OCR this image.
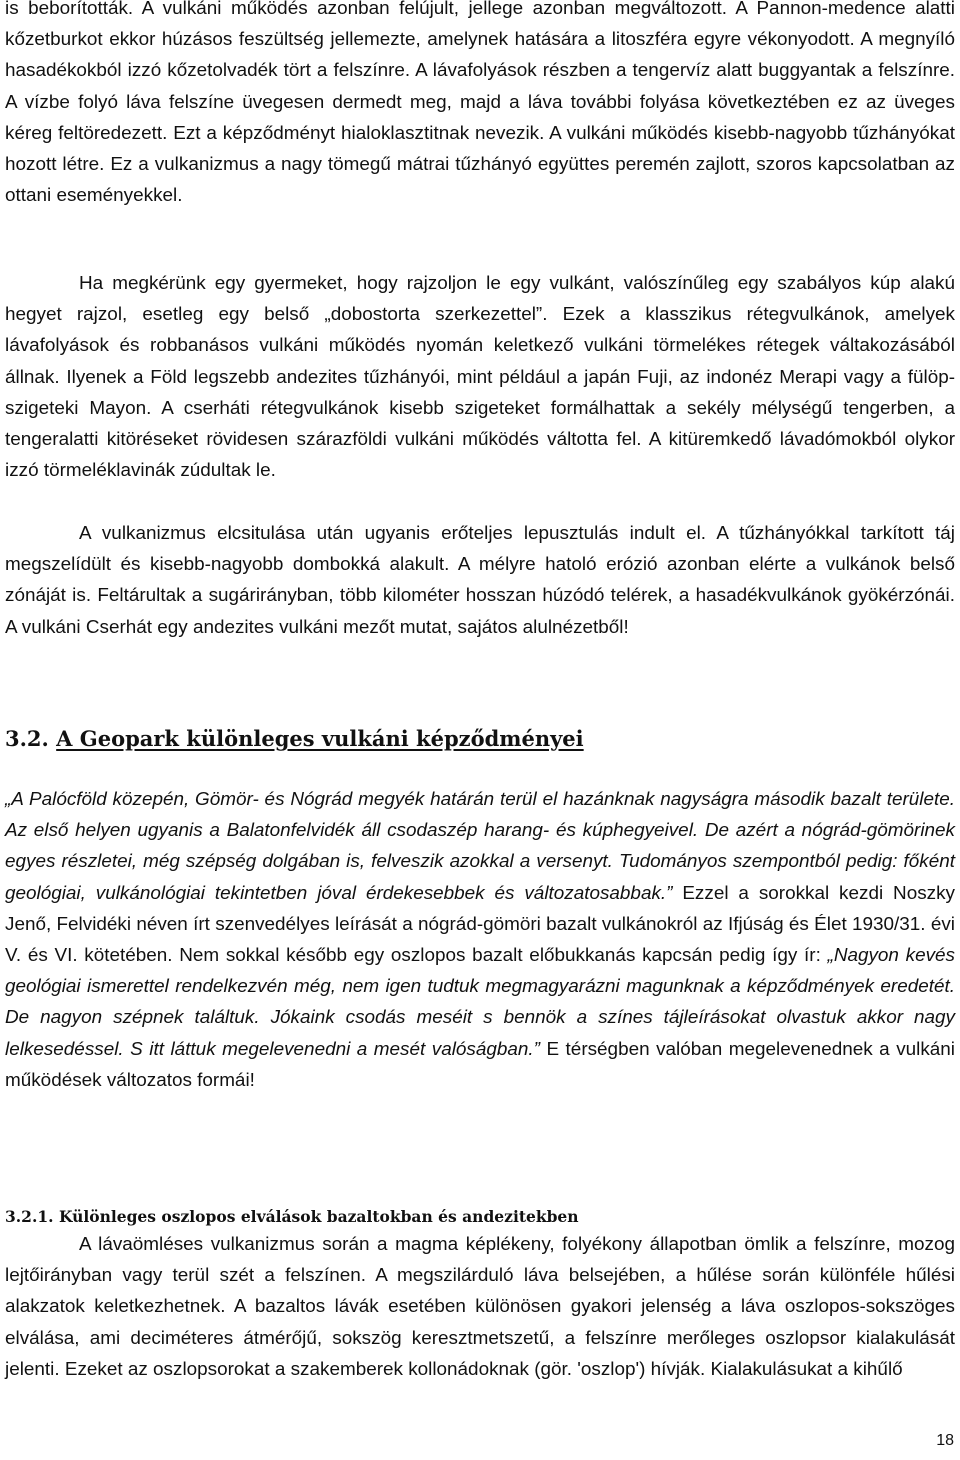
is beborították. A vulkáni működés azonban felújult, jellege azonban megváltozott. A Pannon-medence alatti kőzetburkot ekkor húzásos feszültség jellemezte, amelynek hatására a litoszféra egyre vékonyodott. A megnyíló hasadékokból izzó kőzetolvadék tört a felszínre. A lávafolyások részben a tengervíz alatt buggyantak a felszínre. A vízbe folyó láva felszíne üvegesen dermedt meg, majd a láva további folyása következtében ez az üveges kéreg feltöredezett. Ezt a képződményt hialoklasztitnak nevezik. A vulkáni működés kisebb-nagyobb tűzhányókat hozott létre. Ez a vulkanizmus a nagy tömegű mátrai tűzhányó együttes peremén zajlott, szoros kapcsolatban az ottani eseményekkel.

Ha megkérünk egy gyermeket, hogy rajzoljon le egy vulkánt, valószínűleg egy szabályos kúp alakú hegyet rajzol, esetleg egy belső „dobostorta szerkezettel”. Ezek a klasszikus rétegvulkánok, amelyek lávafolyások és robbanásos vulkáni működés nyomán keletkező vulkáni törmelékes rétegek váltakozásából állnak. Ilyenek a Föld legszebb andezites tűzhányói, mint például a japán Fuji, az indonéz Merapi vagy a fülöp-szigeteki Mayon. A cserháti rétegvulkánok kisebb szigeteket formálhattak a sekély mélységű tengerben, a tengeralatti kitöréseket rövidesen szárazföldi vulkáni működés váltotta fel. A kitüremkedő lávadómokból olykor izzó törmeléklavinák zúdultak le.

A vulkanizmus elcsitulása után ugyanis erőteljes lepusztulás indult el. A tűzhányókkal tarkított táj megszelídült és kisebb-nagyobb dombokká alakult. A mélyre hatoló erózió azonban elérte a vulkánok belső zónáját is. Feltárultak a sugárirányban, több kilométer hosszan húzódó telérek, a hasadékvulkánok gyökérzónái. A vulkáni Cserhát egy andezites vulkáni mezőt mutat, sajátos alulnézetből!

3.2. A Geopark különleges vulkáni képződményei

„A Palócföld közepén, Gömör- és Nógrád megyék határán terül el hazánknak nagyságra második bazalt területe. Az első helyen ugyanis a Balatonfelvidék áll csodaszép harang- és kúphegyeivel. De azért a nógrád-gömörinek egyes részletei, még szépség dolgában is, felveszik azokkal a versenyt. Tudományos szempontból pedig: főként geológiai, vulkánológiai tekintetben jóval érdekesebbek és változatosabbak.” Ezzel a sorokkal kezdi Noszky Jenő, Felvidéki néven írt szenvedélyes leírását a nógrád-gömöri bazalt vulkánokról az Ifjúság és Élet 1930/31. évi V. és VI. kötetében. Nem sokkal később egy oszlopos bazalt előbukkanás kapcsán pedig így ír: „Nagyon kevés geológiai ismerettel rendelkezvén még, nem igen tudtuk megmagyarázni magunknak a képződmények eredetét. De nagyon szépnek találtuk. Jókaink csodás meséit s bennök a színes tájleírásokat olvastuk akkor nagy lelkesedéssel. S itt láttuk megelevenedni a mesét valóságban.” E térségben valóban megelevenednek a vulkáni működések változatos formái!

3.2.1. Különleges oszlopos elválások bazaltokban és andezitekben

A lávaömléses vulkanizmus során a magma képlékeny, folyékony állapotban ömlik a felszínre, mozog lejtőirányban vagy terül szét a felszínen. A megszilárduló láva belsejében, a hűlése során különféle hűlési alakzatok keletkezhetnek. A bazaltos lávák esetében különösen gyakori jelenség a láva oszlopos-sokszöges elválása, ami deciméteres átmérőjű, sokszög keresztmetszetű, a felszínre merőleges oszlopsor kialakulását jelenti. Ezeket az oszlopsorokat a szakemberek kollonádoknak (gör. 'oszlop') hívják. Kialakulásukat a kihűlő

18
